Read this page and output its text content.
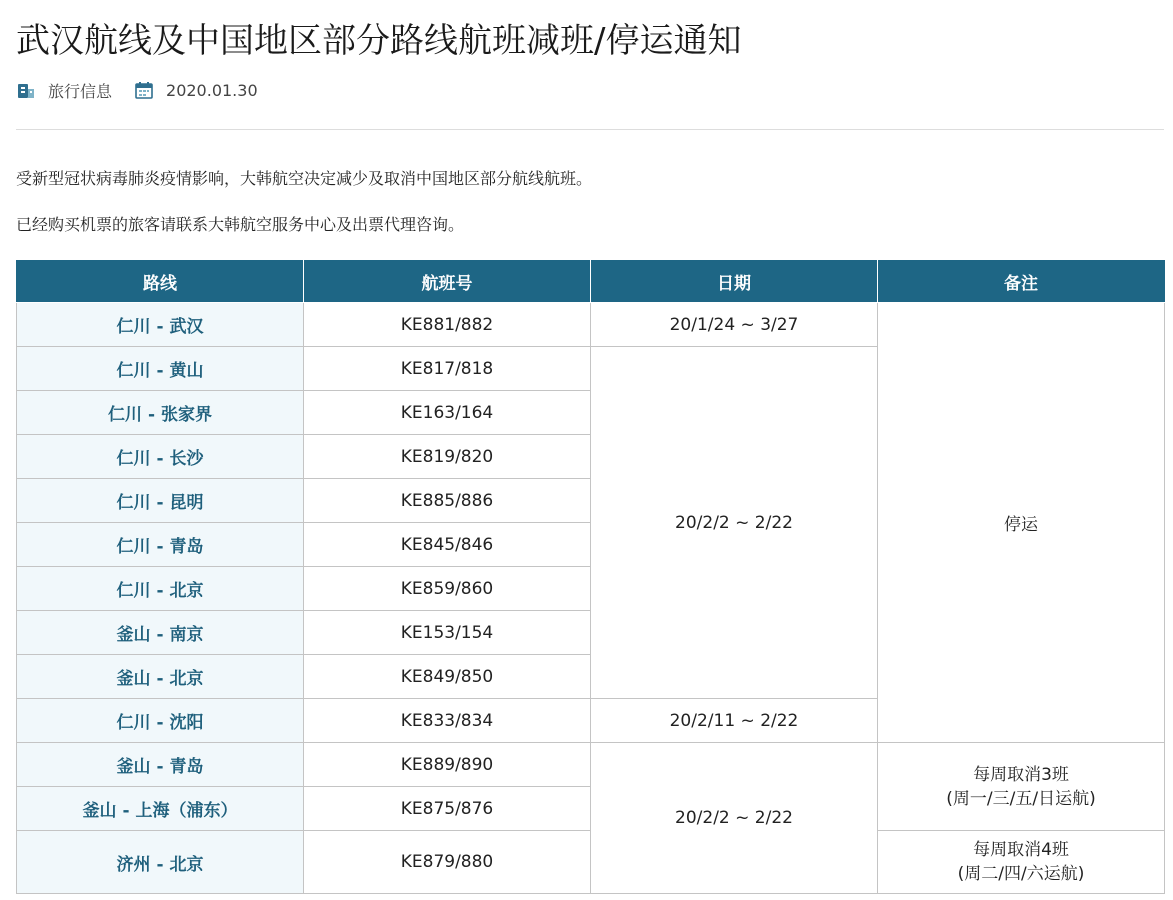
武汉航线及中国地区部分路线航班减班/停运通知
旅行信息	2020.01.30

受新型冠状病毒肺炎疫情影响，大韩航空决定减少及取消中国地区部分航线航班。

已经购买机票的旅客请联系大韩航空服务中心及出票代理咨询。

路线	航班号	日期	备注
仁川 - 武汉	KE881/882	20/1/24 ~ 3/27	停运
仁川 - 黄山	KE817/818	20/2/2 ~ 2/22	
仁川 - 张家界	KE163/164		
仁川 - 长沙	KE819/820		
仁川 - 昆明	KE885/886		
仁川 - 青岛	KE845/846		
仁川 - 北京	KE859/860		
釜山 - 南京	KE153/154		
釜山 - 北京	KE849/850		
仁川 - 沈阳	KE833/834	20/2/11 ~ 2/22	
釜山 - 青岛	KE889/890	20/2/2 ~ 2/22	每周取消3班
(周一/三/五/日运航)

釜山 - 上海（浦东）	KE875/876		
济州 - 北京	KE879/880		每周取消4班
(周二/四/六运航)
